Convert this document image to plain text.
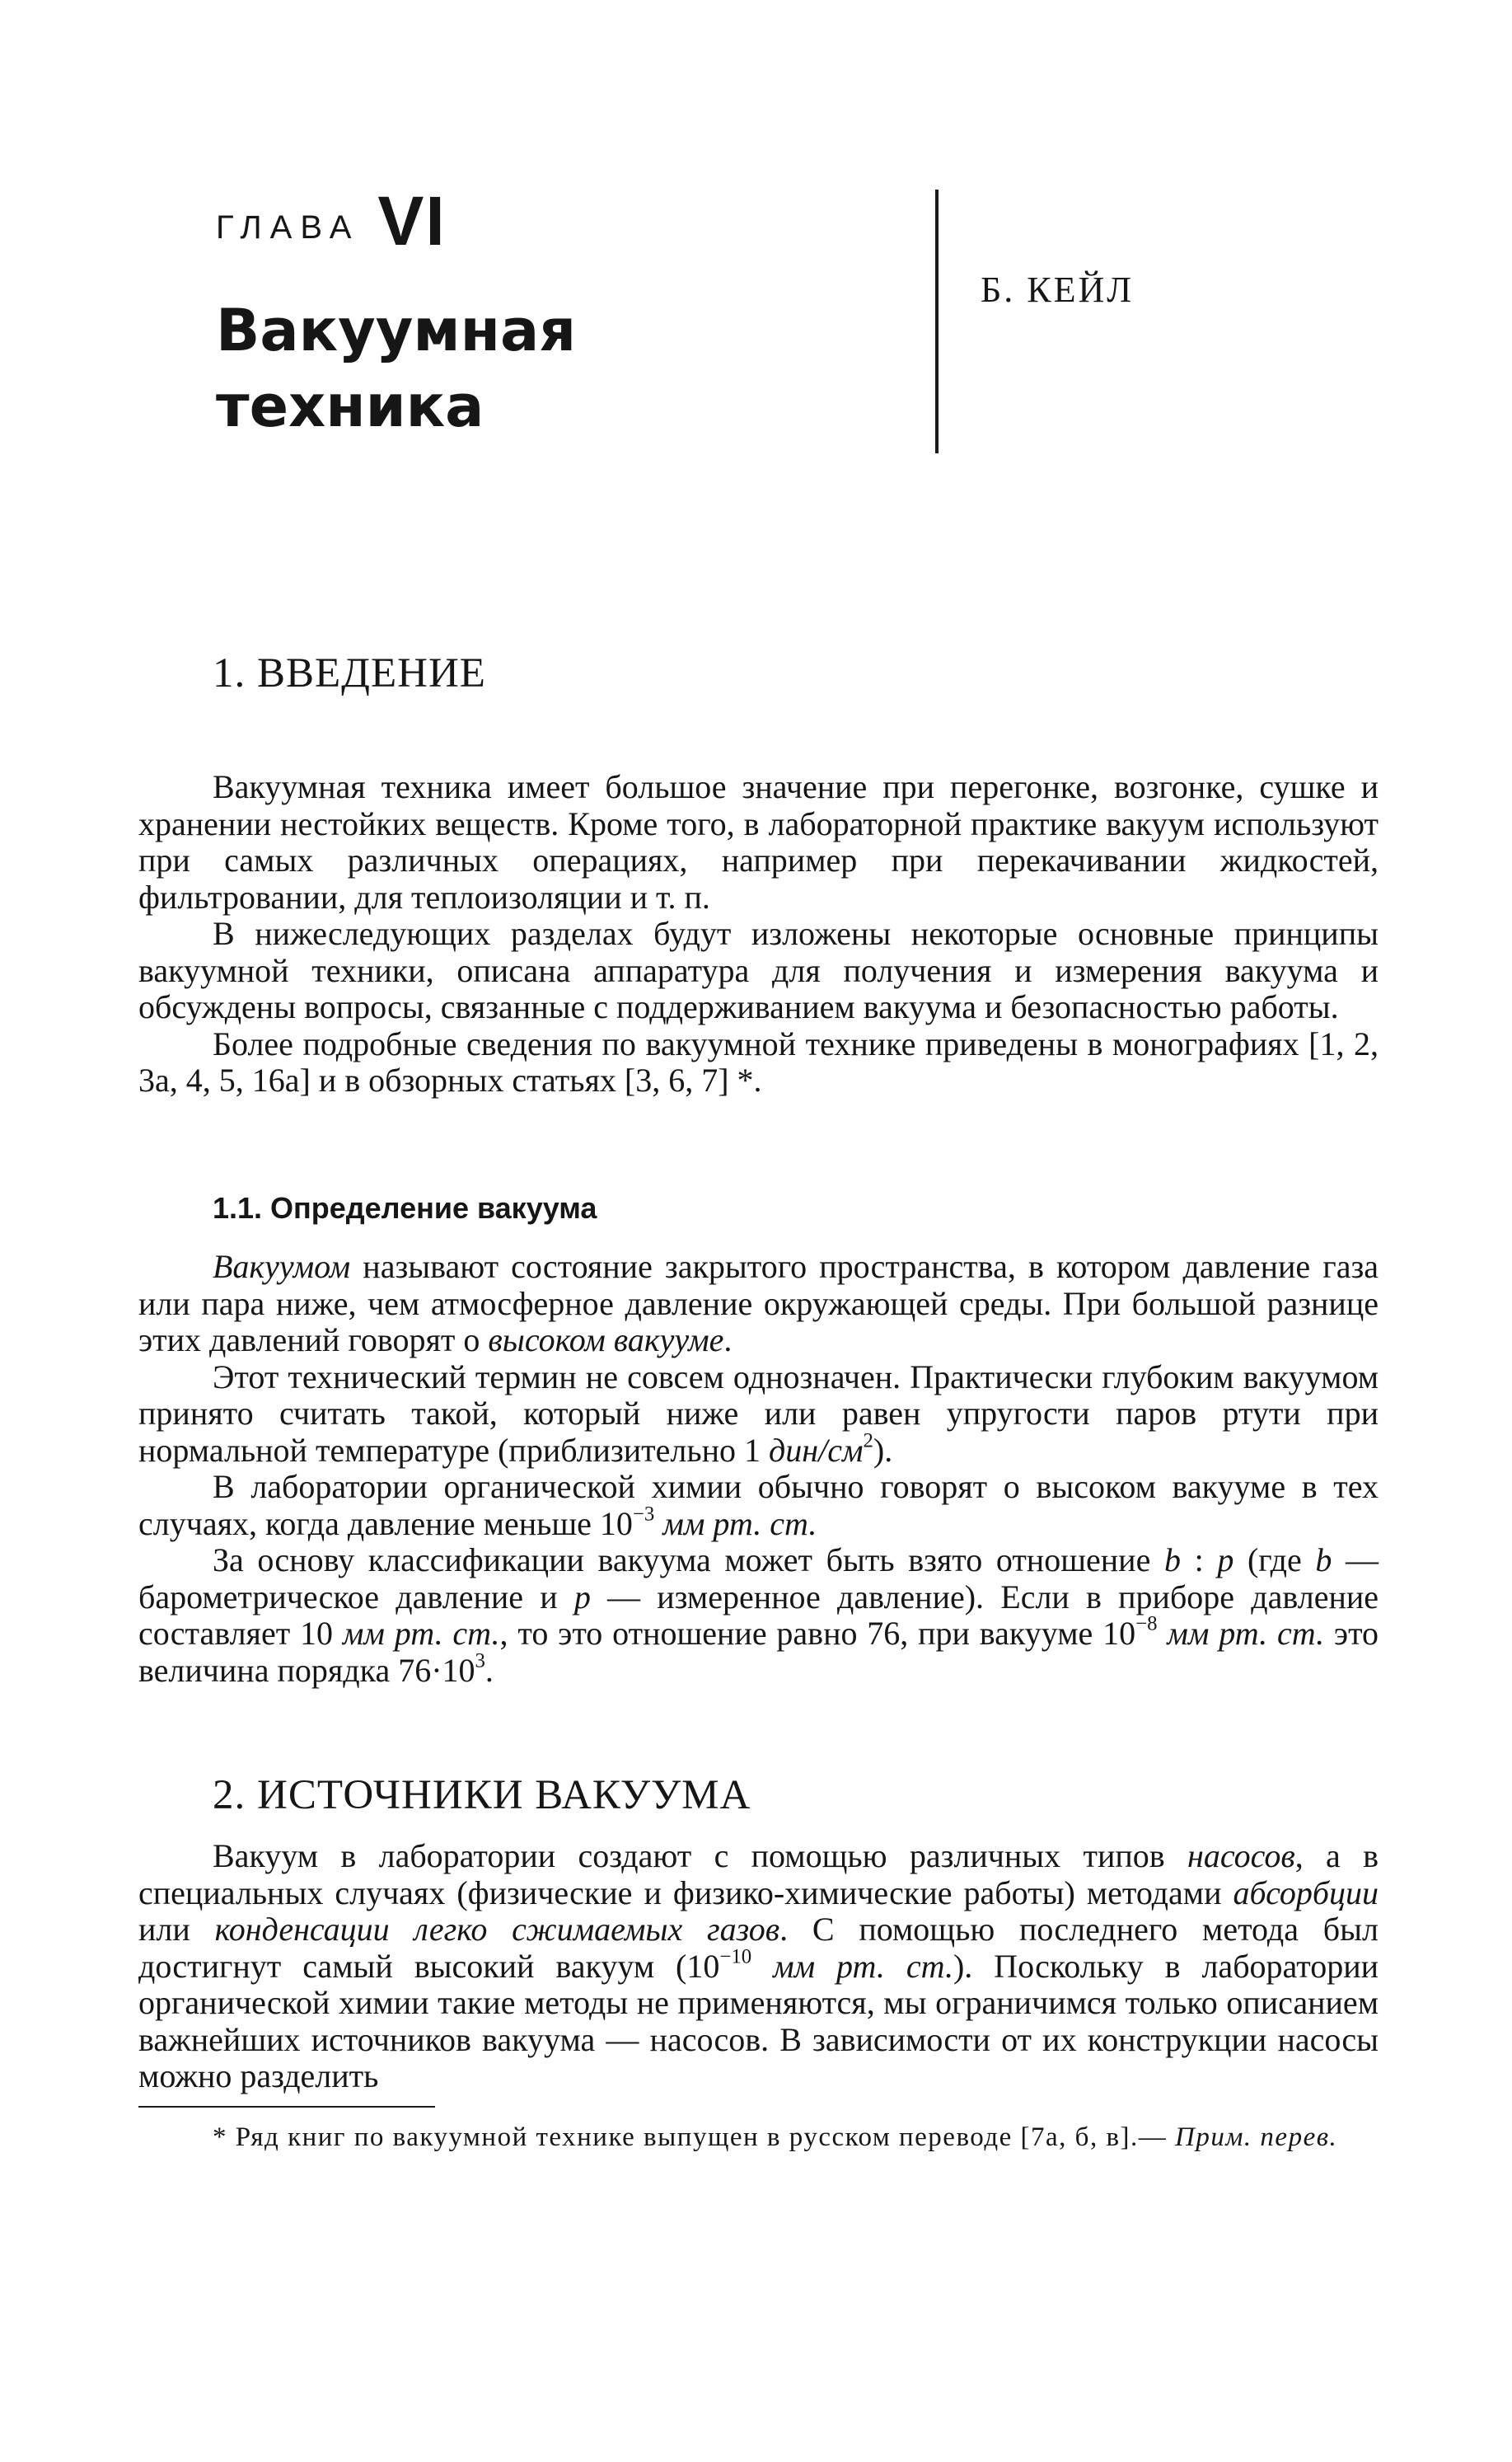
ГЛАВА VI
Вакуумная
техника
Б. КЕЙЛ
1. ВВЕДЕНИЕ

Вакуумная техника имеет большое значение при перегонке, возгонке, сушке и хранении нестойких веществ. Кроме того, в лабораторной практике вакуум используют при самых различных операциях, например при перекачивании жидкостей, фильтровании, для теплоизоляции и т. п.

В нижеследующих разделах будут изложены некоторые основные принципы вакуумной техники, описана аппаратура для получения и измерения вакуума и обсуждены вопросы, связанные с поддерживанием вакуума и безопасностью работы.

Более подробные сведения по вакуумной технике приведены в монографиях [1, 2, 3а, 4, 5, 16а] и в обзорных статьях [3, 6, 7] *.

1.1. Определение вакуума

Вакуумом называют состояние закрытого пространства, в котором давление газа или пара ниже, чем атмосферное давление окружающей среды. При большой разнице этих давлений говорят о высоком вакууме.

Этот технический термин не совсем однозначен. Практически глубоким вакуумом принято считать такой, который ниже или равен упругости паров ртути при нормальной температуре (приблизительно 1 дин/$см^2$).

В лаборатории органической химии обычно говорят о высоком вакууме в тех случаях, когда давление меньше $10^{-3}$ мм рт. ст.

За основу классификации вакуума может быть взято отношение b : p (где b — барометрическое давление и p — измеренное давление). Если в приборе давление составляет 10 мм рт. ст., то это отношение равно 76, при вакууме $10^{-8}$ мм рт. ст. это величина порядка $76\cdot 10^3$.

2. ИСТОЧНИКИ ВАКУУМА

Вакуум в лаборатории создают с помощью различных типов насосов, а в специальных случаях (физические и физико-химические работы) методами абсорбции или конденсации легко сжимаемых газов. С помощью последнего метода был достигнут самый высокий вакуум ($10^{-10}$ мм рт. ст.). Поскольку в лаборатории органической химии такие методы не применяются, мы ограничимся только описанием важнейших источников вакуума — насосов. В зависимости от их конструкции насосы можно разделить

* Ряд книг по вакуумной технике выпущен в русском переводе [7а, б, в].— Прим. перев.
